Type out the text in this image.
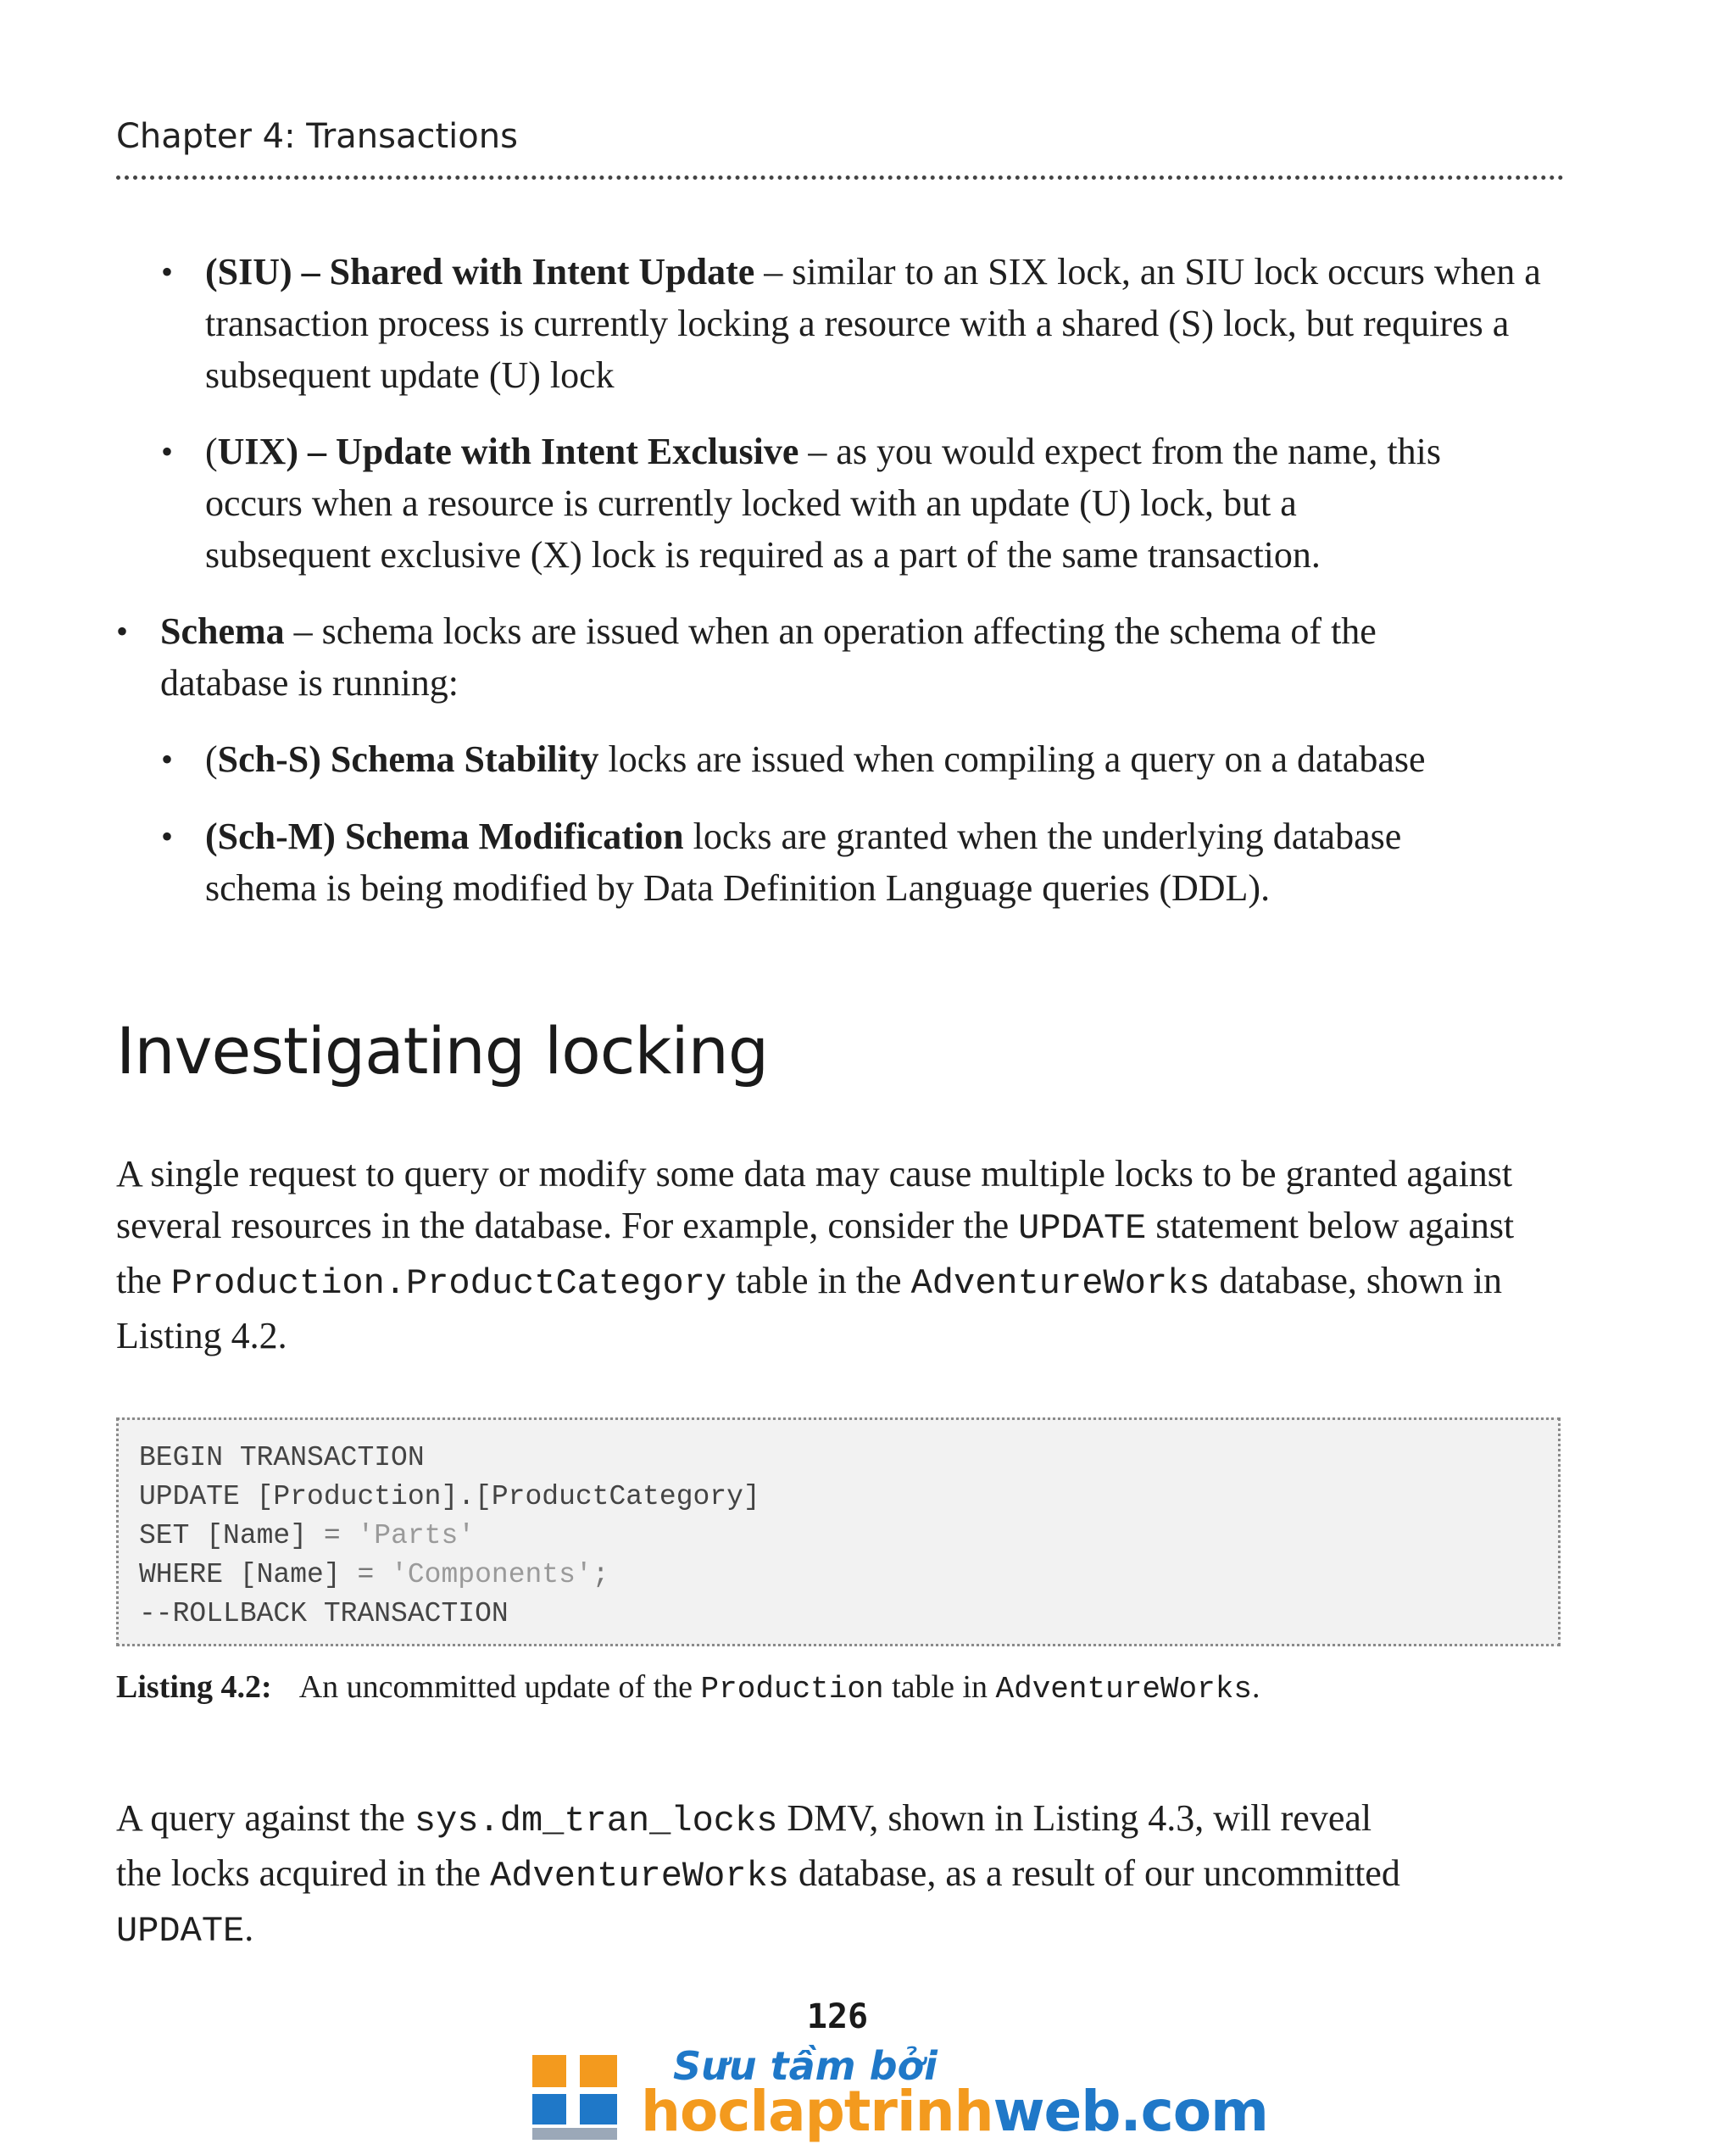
Chapter 4: Transactions
• (SIU) – Shared with Intent Update – similar to an SIX lock, an SIU lock occurs when a transaction process is currently locking a resource with a shared (S) lock, but requires a subsequent update (U) lock
• (UIX) – Update with Intent Exclusive – as you would expect from the name, this occurs when a resource is currently locked with an update (U) lock, but a subsequent exclusive (X) lock is required as a part of the same transaction.
• Schema – schema locks are issued when an operation affecting the schema of the database is running:
• (Sch-S) Schema Stability locks are issued when compiling a query on a database
• (Sch-M) Schema Modification locks are granted when the underlying database schema is being modified by Data Definition Language queries (DDL).
Investigating locking
A single request to query or modify some data may cause multiple locks to be granted against several resources in the database. For example, consider the UPDATE statement below against the Production.ProductCategory table in the AdventureWorks database, shown in Listing 4.2.
BEGIN TRANSACTION
UPDATE [Production].[ProductCategory]
SET [Name] = 'Parts'
WHERE [Name] = 'Components';
--ROLLBACK TRANSACTION
Listing 4.2: An uncommitted update of the Production table in AdventureWorks.
A query against the sys.dm_tran_locks DMV, shown in Listing 4.3, will reveal the locks acquired in the AdventureWorks database, as a result of our uncommitted UPDATE.
126
Sưu tầm bởi
hoclaptrinhweb.com
